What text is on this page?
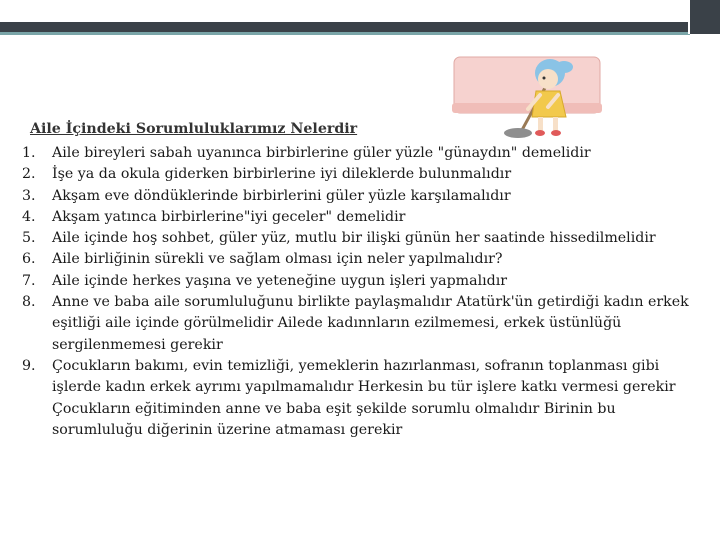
Aile İçindeki Sorumluluklarımız Nelerdir
1.	Aile bireyleri sabah uyanınca birbirlerine güler yüzle "günaydın" demelidir
2.	İşe ya da okula giderken birbirlerine iyi dileklerde bulunmalıdır
3.	Akşam eve döndüklerinde birbirlerini güler yüzle karşılamalıdır
4.	Akşam yatınca birbirlerine"iyi geceler" demelidir
5.	Aile içinde hoş sohbet, güler yüz, mutlu bir ilişki günün her saatinde hissedilmelidir
6.	Aile birliğinin sürekli ve sağlam olması için neler yapılmalıdır?
7.	Aile içinde herkes yaşına ve yeteneğine uygun işleri yapmalıdır
8.	Anne ve baba aile sorumluluğunu birlikte paylaşmalıdır Atatürk'ün getirdiği kadın erkek eşitliği aile içinde görülmelidir Ailede kadınnların ezilmemesi, erkek üstünlüğü sergilenmemesi gerekir
9.	Çocukların bakımı, evin temizliği, yemeklerin hazırlanması, sofranın toplanması gibi işlerde kadın erkek ayrımı yapılmamalıdır Herkesin bu tür işlere katkı vermesi gerekir Çocukların eğitiminden anne ve baba eşit şekilde sorumlu olmalıdır Birinin bu sorumluluğu diğerinin üzerine atmaması gerekir
